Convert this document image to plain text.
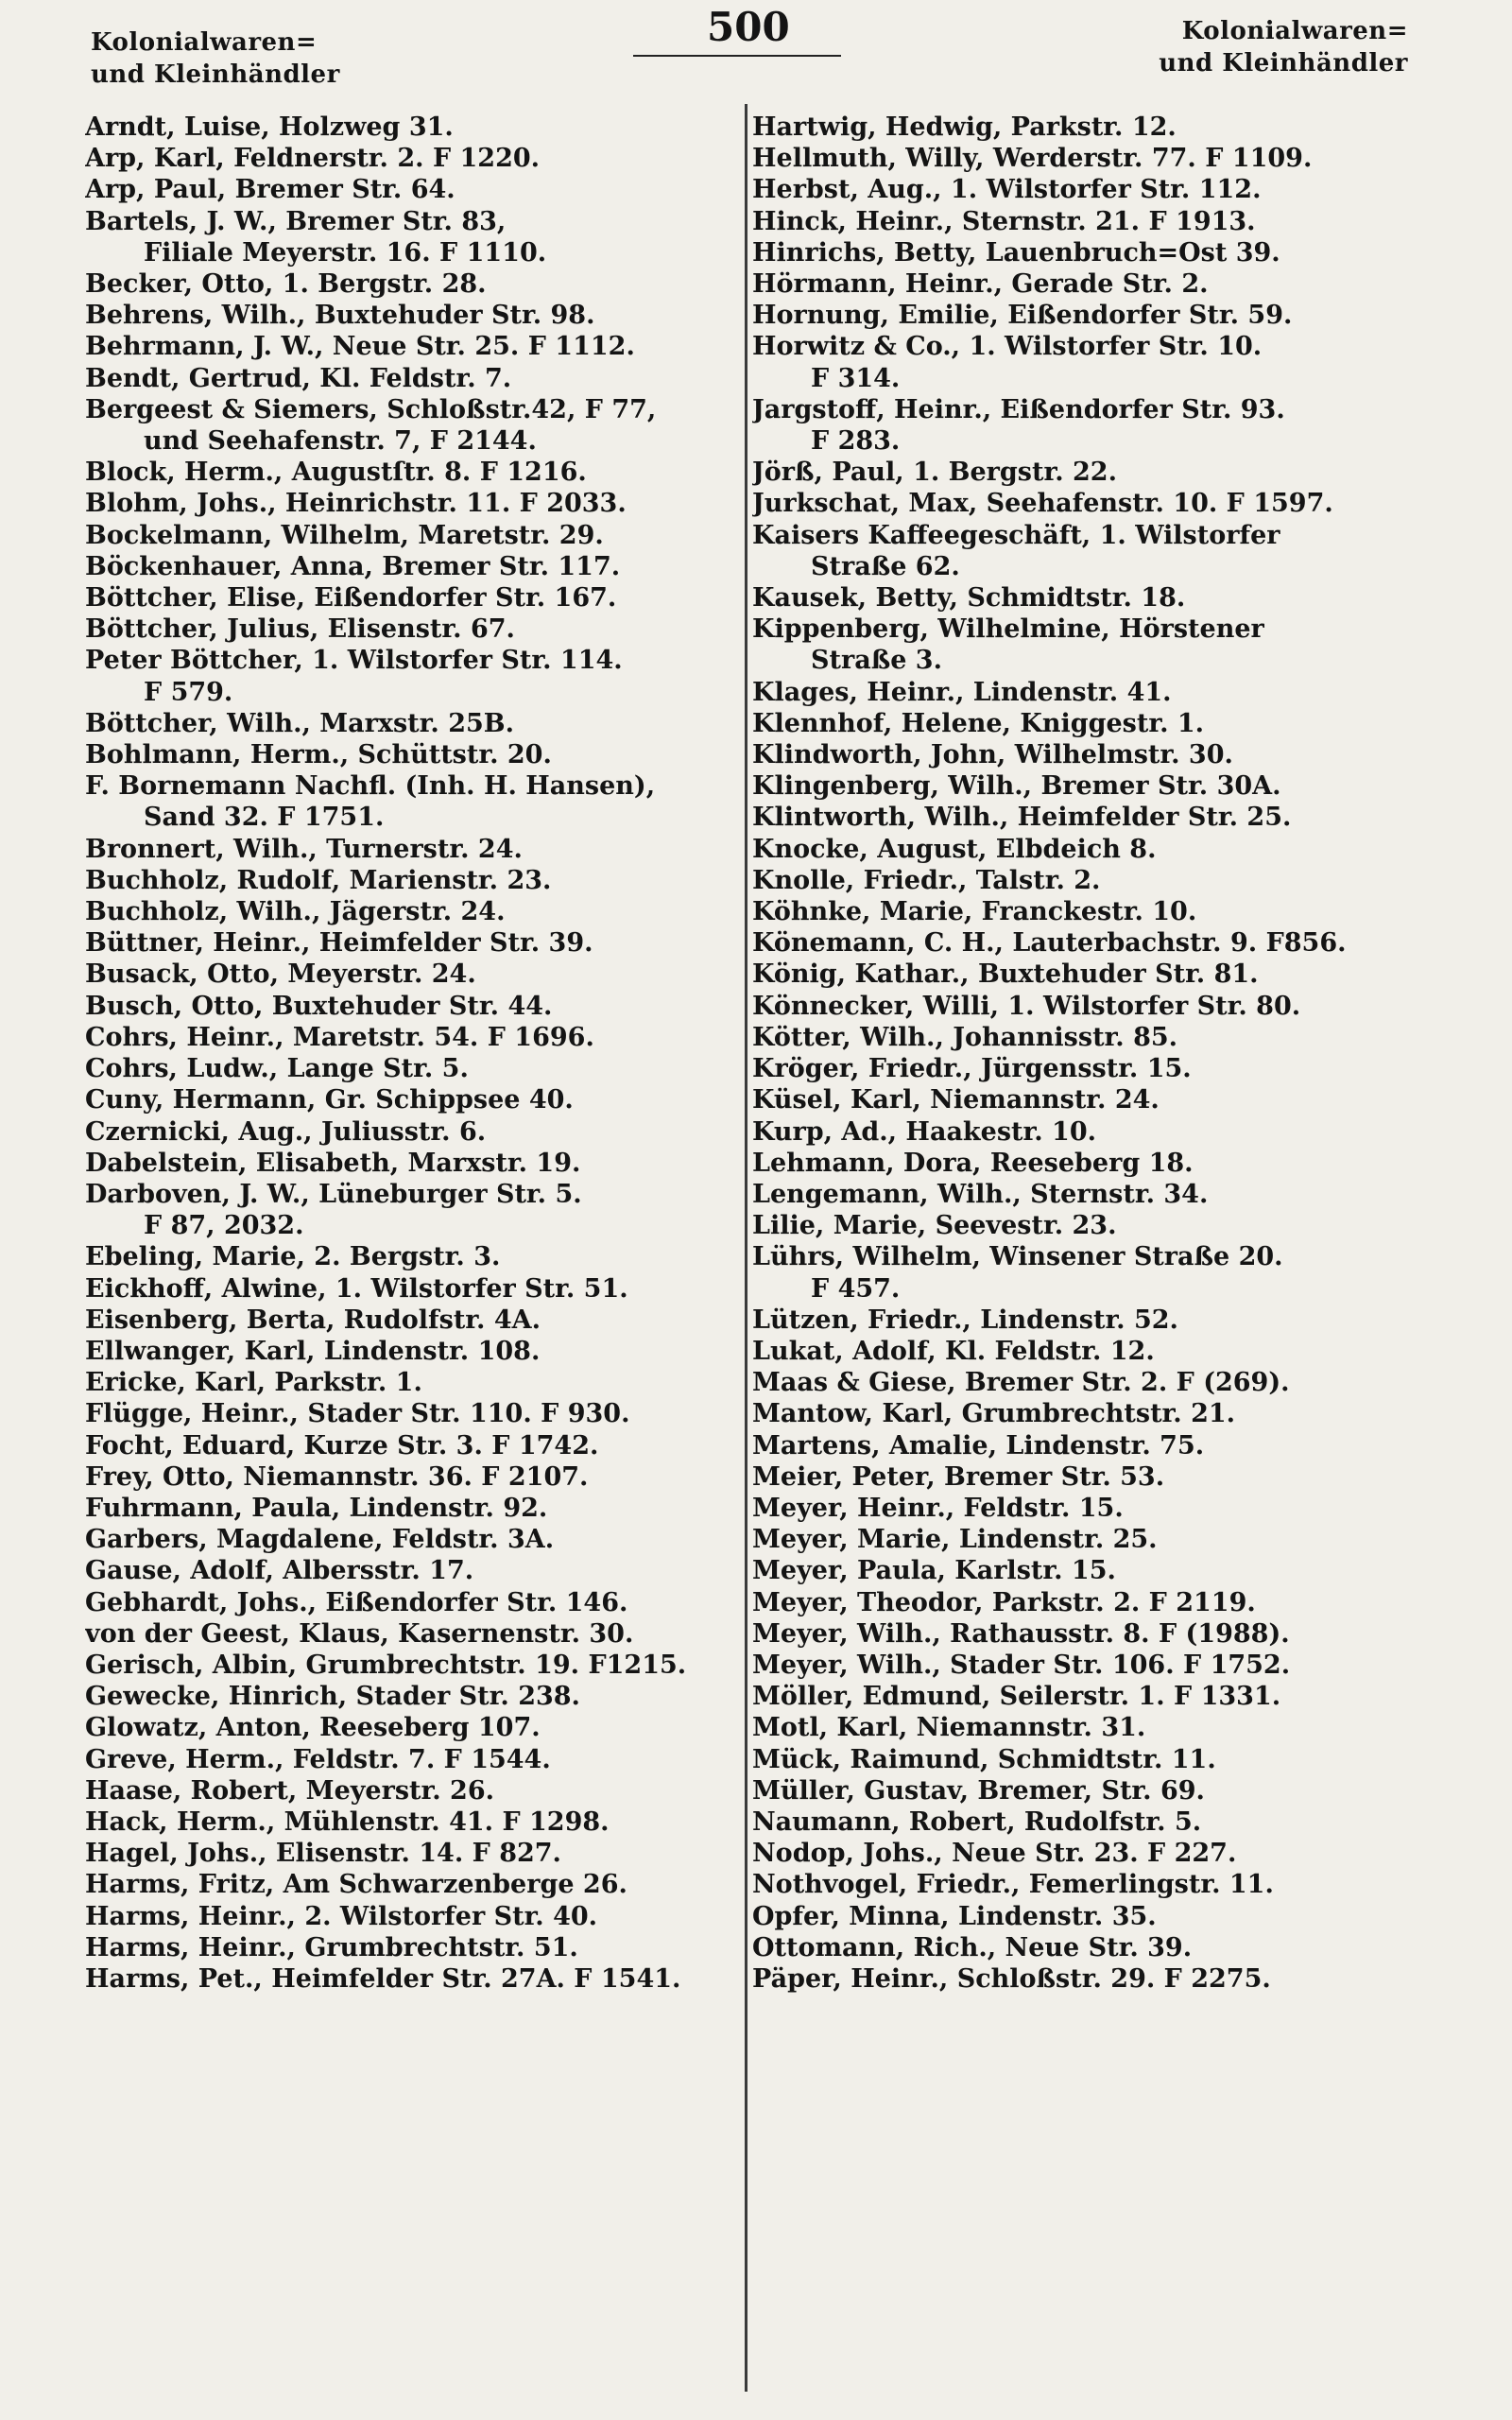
Kolonialwaren=
und Kleinhändler
500	Kolonialwaren=
und Kleinhändler
Arndt, Luise, Holzweg 31.
Arp, Karl, Feldnerstr. 2. F 1220.
Arp, Paul, Bremer Str. 64.
Bartels, J. W., Bremer Str. 83,
Filiale Meyerstr. 16. F 1110.
Becker, Otto, 1. Bergstr. 28.
Behrens, Wilh., Buxtehuder Str. 98.
Behrmann, J. W., Neue Str. 25. F 1112.
Bendt, Gertrud, Kl. Feldstr. 7.
Bergeest & Siemers, Schloßstr.42, F 77,
und Seehafenstr. 7, F 2144.
Block, Herm., Augustſtr. 8. F 1216.
Blohm, Johs., Heinrichstr. 11. F 2033.
Bockelmann, Wilhelm, Maretstr. 29.
Böckenhauer, Anna, Bremer Str. 117.
Böttcher, Elise, Eißendorfer Str. 167.
Böttcher, Julius, Elisenstr. 67.
Peter Böttcher, 1. Wilstorfer Str. 114.
F 579.
Böttcher, Wilh., Marxstr. 25B.
Bohlmann, Herm., Schüttstr. 20.
F. Bornemann Nachfl. (Inh. H. Hansen),
Sand 32. F 1751.
Bronnert, Wilh., Turnerstr. 24.
Buchholz, Rudolf, Marienstr. 23.
Buchholz, Wilh., Jägerstr. 24.
Büttner, Heinr., Heimfelder Str. 39.
Busack, Otto, Meyerstr. 24.
Busch, Otto, Buxtehuder Str. 44.
Cohrs, Heinr., Maretstr. 54. F 1696.
Cohrs, Ludw., Lange Str. 5.
Cuny, Hermann, Gr. Schippsee 40.
Czernicki, Aug., Juliusstr. 6.
Dabelstein, Elisabeth, Marxstr. 19.
Darboven, J. W., Lüneburger Str. 5.
F 87, 2032.
Ebeling, Marie, 2. Bergstr. 3.
Eickhoff, Alwine, 1. Wilstorfer Str. 51.
Eisenberg, Berta, Rudolfstr. 4A.
Ellwanger, Karl, Lindenstr. 108.
Ericke, Karl, Parkstr. 1.
Flügge, Heinr., Stader Str. 110. F 930.
Focht, Eduard, Kurze Str. 3. F 1742.
Frey, Otto, Niemannstr. 36. F 2107.
Fuhrmann, Paula, Lindenstr. 92.
Garbers, Magdalene, Feldstr. 3A.
Gause, Adolf, Albersstr. 17.
Gebhardt, Johs., Eißendorfer Str. 146.
von der Geest, Klaus, Kasernenstr. 30.
Gerisch, Albin, Grumbrechtstr. 19. F1215.
Gewecke, Hinrich, Stader Str. 238.
Glowatz, Anton, Reeseberg 107.
Greve, Herm., Feldstr. 7. F 1544.
Haase, Robert, Meyerstr. 26.
Hack, Herm., Mühlenstr. 41. F 1298.
Hagel, Johs., Elisenstr. 14. F 827.
Harms, Fritz, Am Schwarzenberge 26.
Harms, Heinr., 2. Wilstorfer Str. 40.
Harms, Heinr., Grumbrechtstr. 51.
Harms, Pet., Heimfelder Str. 27A. F 1541.
Hartwig, Hedwig, Parkstr. 12.
Hellmuth, Willy, Werderstr. 77. F 1109.
Herbst, Aug., 1. Wilstorfer Str. 112.
Hinck, Heinr., Sternstr. 21. F 1913.
Hinrichs, Betty, Lauenbruch=Ost 39.
Hörmann, Heinr., Gerade Str. 2.
Hornung, Emilie, Eißendorfer Str. 59.
Horwitz & Co., 1. Wilstorfer Str. 10.
F 314.
Jargstoff, Heinr., Eißendorfer Str. 93.
F 283.
Jörß, Paul, 1. Bergstr. 22.
Jurkschat, Max, Seehafenstr. 10. F 1597.
Kaisers Kaffeegeschäft, 1. Wilstorfer
Straße 62.
Kausek, Betty, Schmidtstr. 18.
Kippenberg, Wilhelmine, Hörstener
Straße 3.
Klages, Heinr., Lindenstr. 41.
Klennhof, Helene, Kniggestr. 1.
Klindworth, John, Wilhelmstr. 30.
Klingenberg, Wilh., Bremer Str. 30A.
Klintworth, Wilh., Heimfelder Str. 25.
Knocke, August, Elbdeich 8.
Knolle, Friedr., Talstr. 2.
Köhnke, Marie, Franckestr. 10.
Könemann, C. H., Lauterbachstr. 9. F856.
König, Kathar., Buxtehuder Str. 81.
Könnecker, Willi, 1. Wilstorfer Str. 80.
Kötter, Wilh., Johannisstr. 85.
Kröger, Friedr., Jürgensstr. 15.
Küsel, Karl, Niemannstr. 24.
Kurp, Ad., Haakestr. 10.
Lehmann, Dora, Reeseberg 18.
Lengemann, Wilh., Sternstr. 34.
Lilie, Marie, Seevestr. 23.
Lührs, Wilhelm, Winsener Straße 20.
F 457.
Lützen, Friedr., Lindenstr. 52.
Lukat, Adolf, Kl. Feldstr. 12.
Maas & Giese, Bremer Str. 2. F (269).
Mantow, Karl, Grumbrechtstr. 21.
Martens, Amalie, Lindenstr. 75.
Meier, Peter, Bremer Str. 53.
Meyer, Heinr., Feldstr. 15.
Meyer, Marie, Lindenstr. 25.
Meyer, Paula, Karlstr. 15.
Meyer, Theodor, Parkstr. 2. F 2119.
Meyer, Wilh., Rathausstr. 8. F (1988).
Meyer, Wilh., Stader Str. 106. F 1752.
Möller, Edmund, Seilerstr. 1. F 1331.
Motl, Karl, Niemannstr. 31.
Mück, Raimund, Schmidtstr. 11.
Müller, Gustav, Bremer, Str. 69.
Naumann, Robert, Rudolfstr. 5.
Nodop, Johs., Neue Str. 23. F 227.
Nothvogel, Friedr., Femerlingstr. 11.
Opfer, Minna, Lindenstr. 35.
Ottomann, Rich., Neue Str. 39.
Päper, Heinr., Schloßstr. 29. F 2275.
